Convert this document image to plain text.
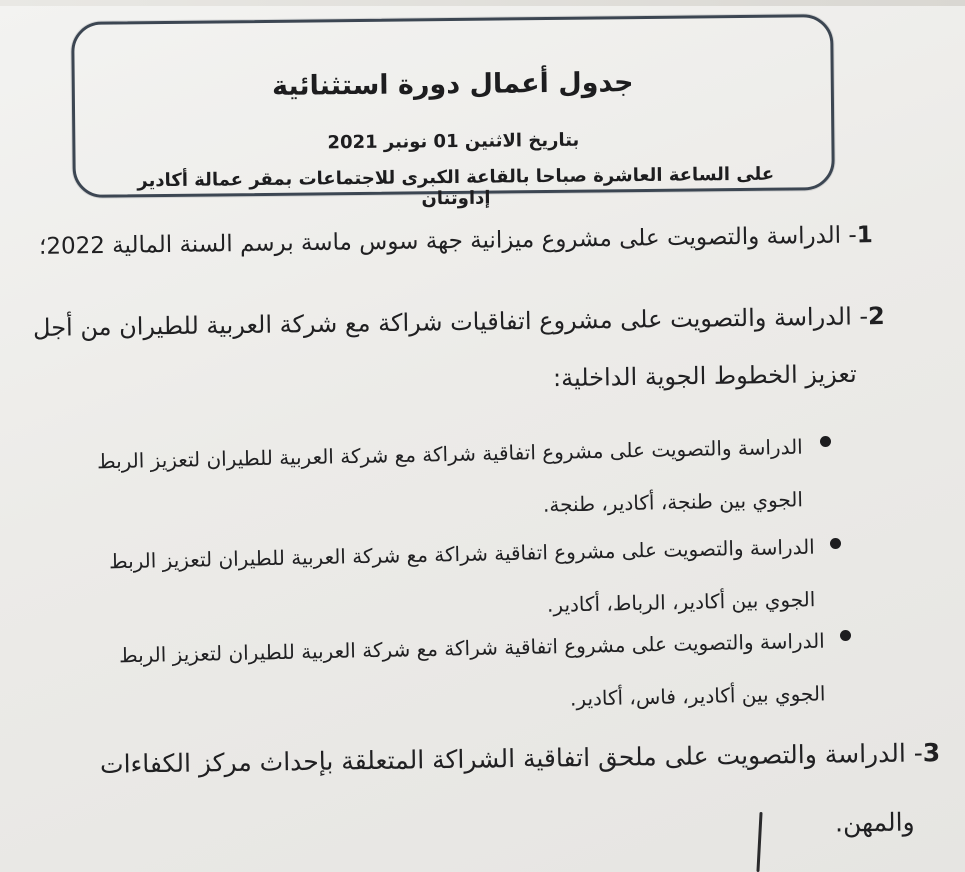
جدول أعمال دورة استثنائية
بتاريخ الاثنين 01 نونبر 2021
على الساعة العاشرة صباحا بالقاعة الكبرى للاجتماعات بمقر عمالة أكادير إداوتنان
1- الدراسة والتصويت على مشروع ميزانية جهة سوس ماسة برسم السنة المالية 2022؛
2- الدراسة والتصويت على مشروع اتفاقيات شراكة مع شركة العربية للطيران من أجل
تعزيز الخطوط الجوية الداخلية:
الدراسة والتصويت على مشروع اتفاقية شراكة مع شركة العربية للطيران لتعزيز الربط
الجوي بين طنجة، أكادير، طنجة.
الدراسة والتصويت على مشروع اتفاقية شراكة مع شركة العربية للطيران لتعزيز الربط
الجوي بين أكادير، الرباط، أكادير.
الدراسة والتصويت على مشروع اتفاقية شراكة مع شركة العربية للطيران لتعزيز الربط
الجوي بين أكادير، فاس، أكادير.
3- الدراسة والتصويت على ملحق اتفاقية الشراكة المتعلقة بإحداث مركز الكفاءات
والمهن.
